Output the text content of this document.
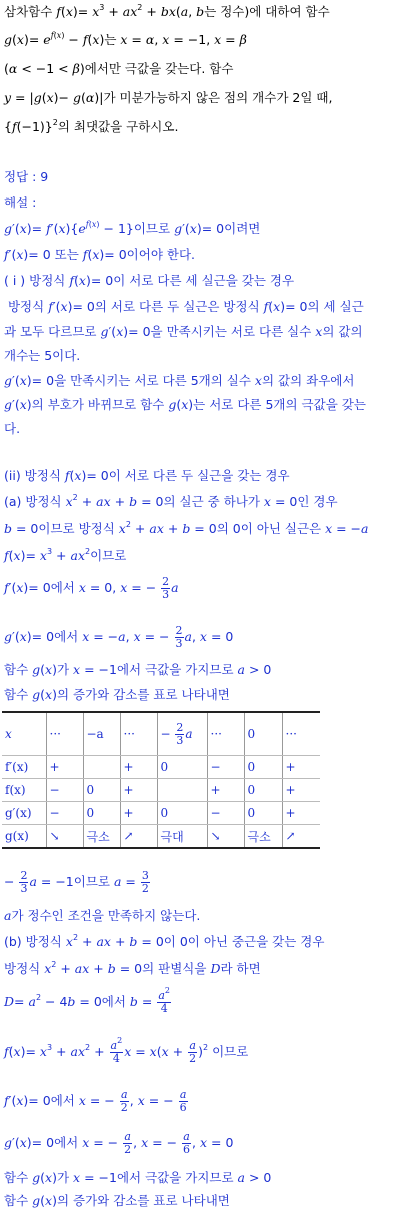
삼차함수 $f(x)= x^3 + ax^2 + bx(a$, b는 정수)에 대하여 함수
$g(x)= e^{f(x)} - f(x)$는 x = α, x = −1, x = β
(α < −1 < β)에서만 극값을 갖는다. 함수
y = |g(x)− g(α)|가 미분가능하지 않은 점의 개수가 2일 때,
$\{f(-1)\}^2$의 최댓값을 구하시오.
정답 : 9
해설 :
$g'(x)= f'(x)\{e^{f(x)} - 1\}$이므로 g′(x)= 0이려면
f′(x)= 0 또는 f(x)= 0이어야 한다.
( i ) 방정식 f(x)= 0이 서로 다른 세 실근을 갖는 경우
방정식 f′(x)= 0의 서로 다른 두 실근은 방정식 f(x)= 0의 세 실근
과 모두 다르므로 g′(x)= 0을 만족시키는 서로 다른 실수 x의 값의
개수는 5이다.
g′(x)= 0을 만족시키는 서로 다른 5개의 실수 x의 값의 좌우에서
g′(x)의 부호가 바뀌므로 함수 g(x)는 서로 다른 5개의 극값을 갖는
다.
(ii) 방정식 f(x)= 0이 서로 다른 두 실근을 갖는 경우
(a) 방정식 $x^2$ + ax + b = 0의 실근 중 하나가 x = 0인 경우
b = 0이므로 방정식 $x^2$ + ax + b = 0의 0이 아닌 실근은 x = −a
$f(x)= x^3 + ax^2$이므로
f′(x)= 0에서 x = 0, x = − $\frac{2}{3}$ a
g′(x)= 0에서 x = −a, x = − $\frac{2}{3} a$, x = 0
함수 g(x)가 x = −1에서 극값을 가지므로 a > 0
함수 g(x)의 증가와 감소를 표로 나타내면
x	···	−a	···	− $\frac{2}{3}$ a	···	0	···
f′(x)	+		+	0	−	0	+
f(x)	−	0	+		+	0	+
g′(x)	−	0	+	0	−	0	+
g(x)	↘	극소	↗	극대	↘	극소	↗
− $\frac{2}{3}$ a = −1이므로 $a = \frac{3}{2}$
a가 정수인 조건을 만족하지 않는다.
(b) 방정식 $x^2$ + ax + b = 0이 0이 아닌 중근을 갖는 경우
방정식 $x^2$ + ax + b = 0의 판별식을 D라 하면
$D= a^2 - 4b = 0$에서 $b = \frac{a^2}{4}$
$f(x)= x^3 + ax^2 + \frac{a^2}{4}$ $x = x(x + \frac{a}{2} )^2$ 이므로
f′(x)= 0에서 x = − $\frac{a}{2}$ , x = − $\frac{a}{6}$
g′(x)= 0에서 x = − $\frac{a}{2}$ , x = − $\frac{a}{6}$ , x = 0
함수 g(x)가 x = −1에서 극값을 가지므로 a > 0
함수 g(x)의 증가와 감소를 표로 나타내면
